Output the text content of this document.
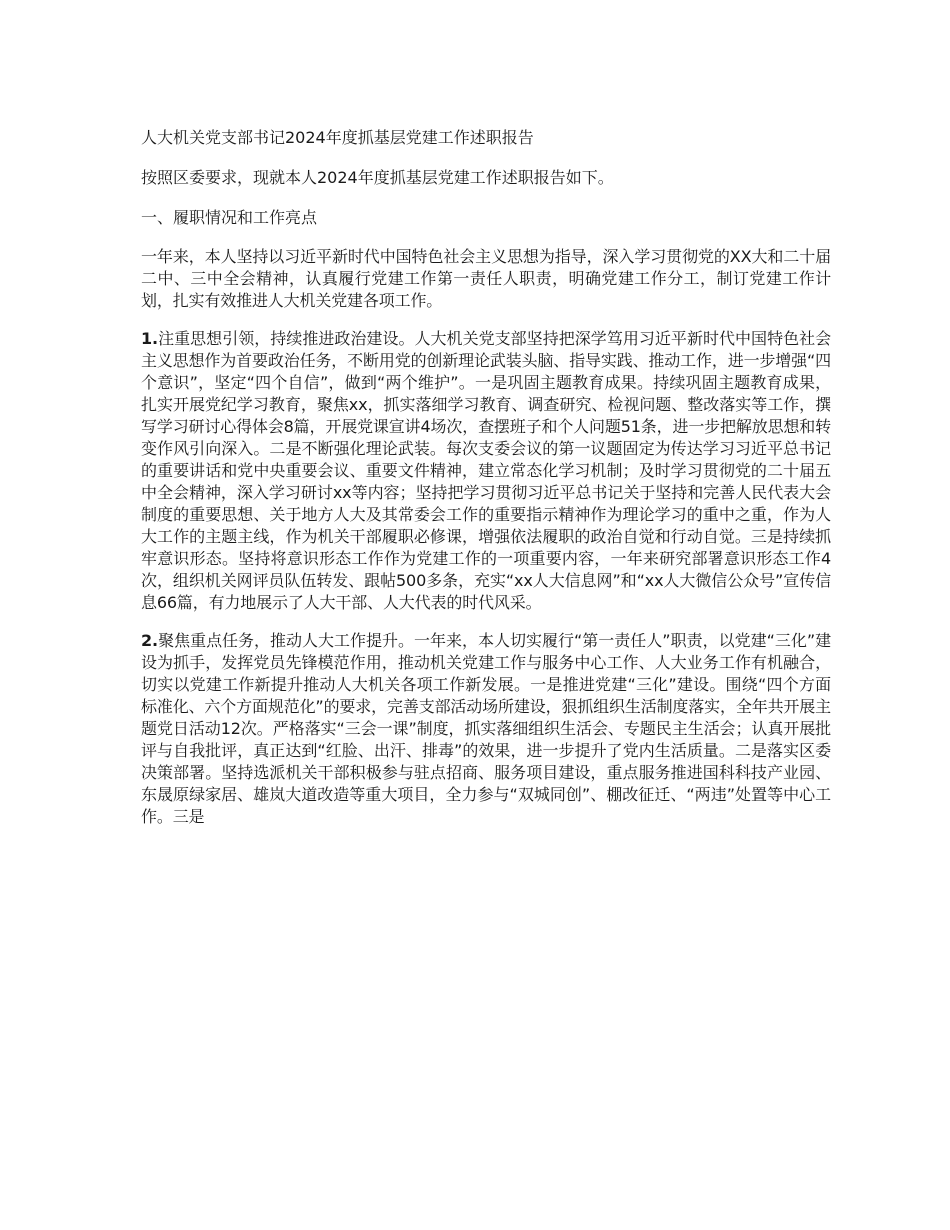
人大机关党支部书记2024年度抓基层党建工作述职报告
按照区委要求，现就本人2024年度抓基层党建工作述职报告如下。
一、履职情况和工作亮点
一年来，本人坚持以习近平新时代中国特色社会主义思想为指导，深入学习贯彻党的XX大和二十届二中、三中全会精神，认真履行党建工作第一责任人职责，明确党建工作分工，制订党建工作计划，扎实有效推进人大机关党建各项工作。
1.注重思想引领，持续推进政治建设。人大机关党支部坚持把深学笃用习近平新时代中国特色社会主义思想作为首要政治任务，不断用党的创新理论武装头脑、指导实践、推动工作，进一步增强“四个意识”，坚定“四个自信”，做到“两个维护”。一是巩固主题教育成果。持续巩固主题教育成果，扎实开展党纪学习教育，聚焦xx，抓实落细学习教育、调查研究、检视问题、整改落实等工作，撰写学习研讨心得体会8篇，开展党课宣讲4场次，查摆班子和个人问题51条，进一步把解放思想和转变作风引向深入。二是不断强化理论武装。每次支委会议的第一议题固定为传达学习习近平总书记的重要讲话和党中央重要会议、重要文件精神，建立常态化学习机制；及时学习贯彻党的二十届五中全会精神，深入学习研讨xx等内容；坚持把学习贯彻习近平总书记关于坚持和完善人民代表大会制度的重要思想、关于地方人大及其常委会工作的重要指示精神作为理论学习的重中之重，作为人大工作的主题主线，作为机关干部履职必修课，增强依法履职的政治自觉和行动自觉。三是持续抓牢意识形态。坚持将意识形态工作作为党建工作的一项重要内容，一年来研究部署意识形态工作4次，组织机关网评员队伍转发、跟帖500多条，充实“xx人大信息网”和“xx人大微信公众号”宣传信息66篇，有力地展示了人大干部、人大代表的时代风采。
2.聚焦重点任务，推动人大工作提升。一年来，本人切实履行“第一责任人”职责，以党建“三化”建设为抓手，发挥党员先锋模范作用，推动机关党建工作与服务中心工作、人大业务工作有机融合，切实以党建工作新提升推动人大机关各项工作新发展。一是推进党建“三化”建设。围绕“四个方面标准化、六个方面规范化”的要求，完善支部活动场所建设，狠抓组织生活制度落实，全年共开展主题党日活动12次。严格落实“三会一课”制度，抓实落细组织生活会、专题民主生活会；认真开展批评与自我批评，真正达到“红脸、出汗、排毒”的效果，进一步提升了党内生活质量。二是落实区委决策部署。坚持选派机关干部积极参与驻点招商、服务项目建设，重点服务推进国科科技产业园、东晟原绿家居、雄岚大道改造等重大项目，全力参与“双城同创”、棚改征迁、“两违”处置等中心工作。三是
